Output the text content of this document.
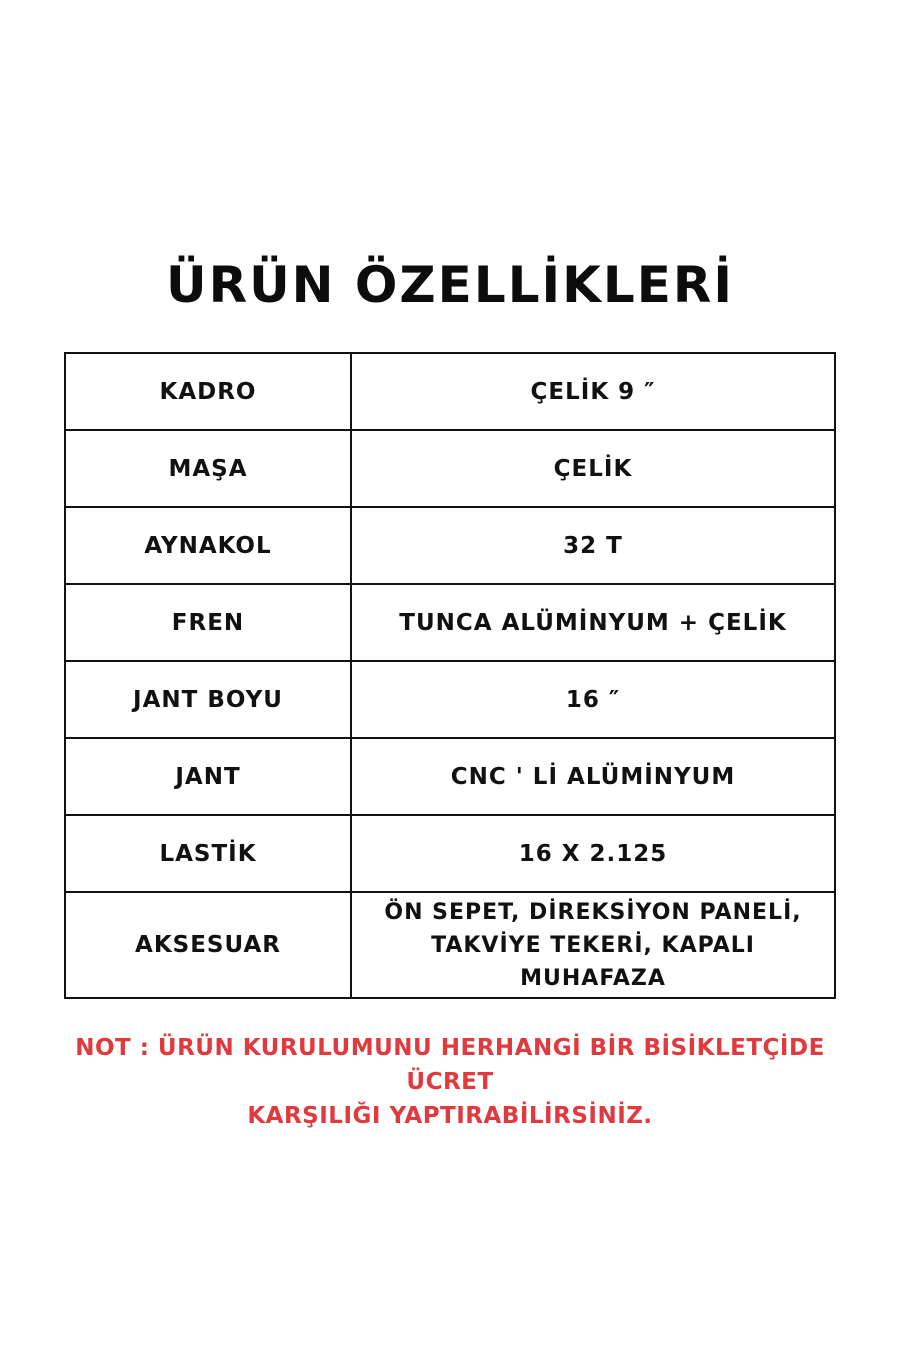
ÜRÜN ÖZELLİKLERİ
KADRO	ÇELİK 9 ″
MAŞA	ÇELİK
AYNAKOL	32 T
FREN	TUNCA ALÜMİNYUM + ÇELİK
JANT BOYU	16 ″
JANT	CNC ' Lİ ALÜMİNYUM
LASTİK	16 X 2.125
AKSESUAR	ÖN SEPET, DİREKSİYON PANELİ,
TAKVİYE TEKERİ, KAPALI MUHAFAZA
NOT : ÜRÜN KURULUMUNU HERHANGİ BİR BİSİKLETÇİDE ÜCRET
KARŞILIĞI YAPTIRABİLİRSİNİZ.
